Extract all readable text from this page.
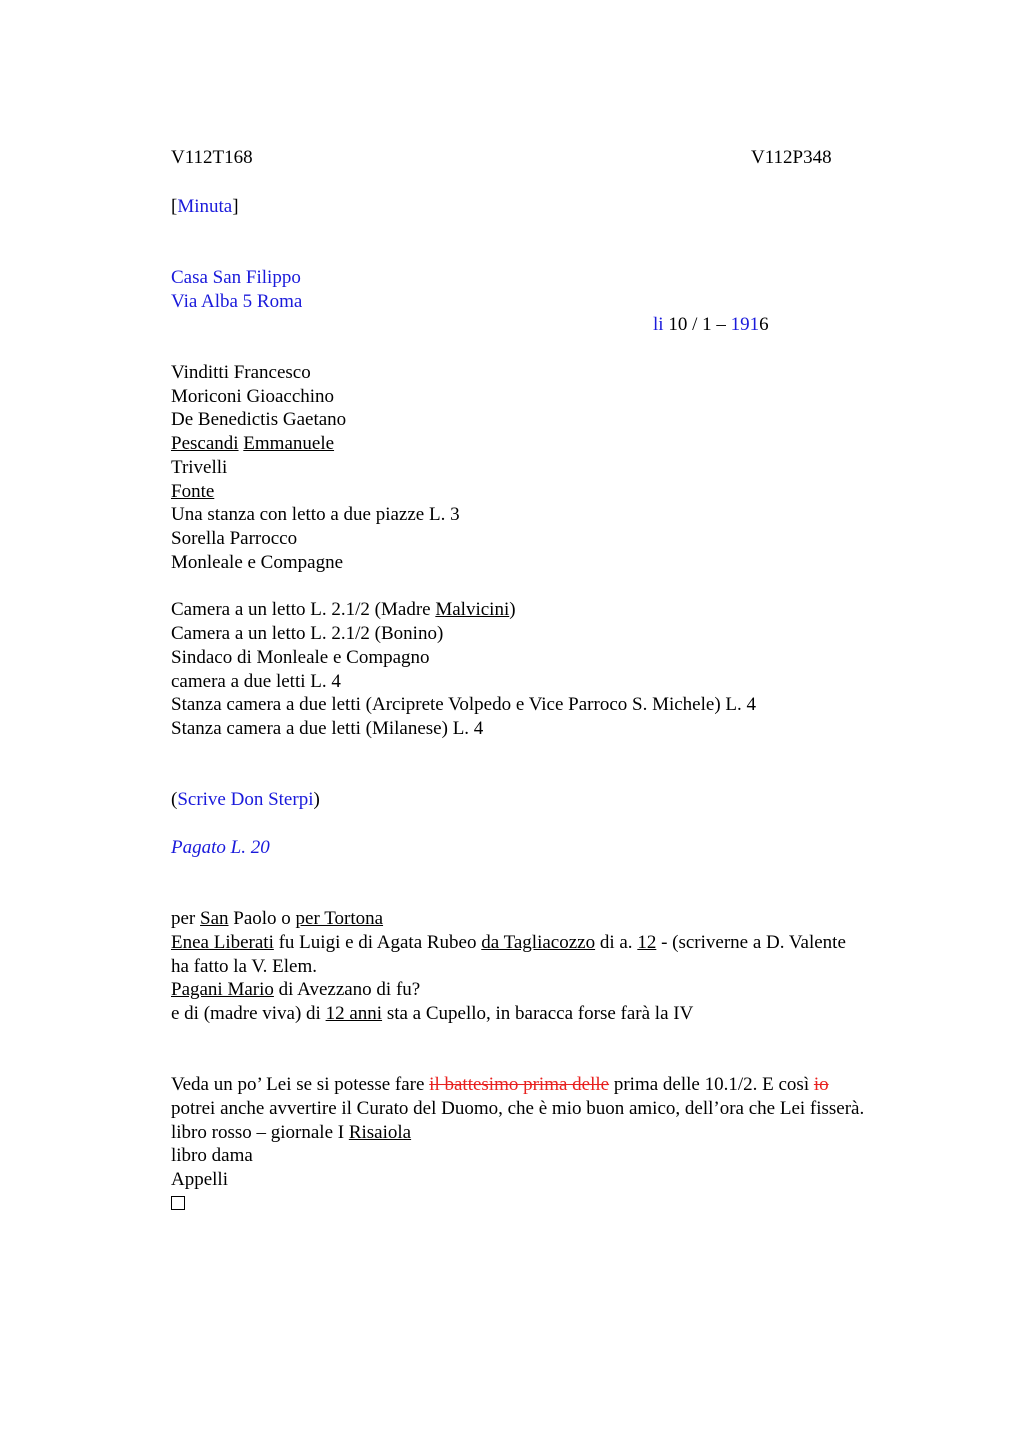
V112T168	V112P348
[Minuta]
Casa San Filippo
Via Alba 5 Roma
li 10 / 1 – 1916
Vinditti Francesco
Moriconi Gioacchino
De Benedictis Gaetano
Pescandi Emmanuele
Trivelli
Fonte
Una stanza con letto a due piazze L. 3
Sorella Parrocco
Monleale e Compagne
Camera a un letto L. 2.1/2 (Madre Malvicini)
Camera a un letto L. 2.1/2 (Bonino)
Sindaco di Monleale e Compagno
camera a due letti L. 4
Stanza camera a due letti (Arciprete Volpedo e Vice Parroco S. Michele) L. 4
Stanza camera a due letti (Milanese) L. 4
(Scrive Don Sterpi)
Pagato L. 20
per San Paolo o per Tortona
Enea Liberati fu Luigi e di Agata Rubeo da Tagliacozzo di a. 12 - (scriverne a D. Valente
ha fatto la V. Elem.
Pagani Mario di Avezzano di fu?
e di (madre viva) di 12 anni sta a Cupello, in baracca forse farà la IV
Veda un po’ Lei se si potesse fare il battesimo prima delle prima delle 10.1/2. E così io
potrei anche avvertire il Curato del Duomo, che è mio buon amico, dell’ora che Lei fisserà.
libro rosso – giornale I Risaiola
libro dama
Appelli
